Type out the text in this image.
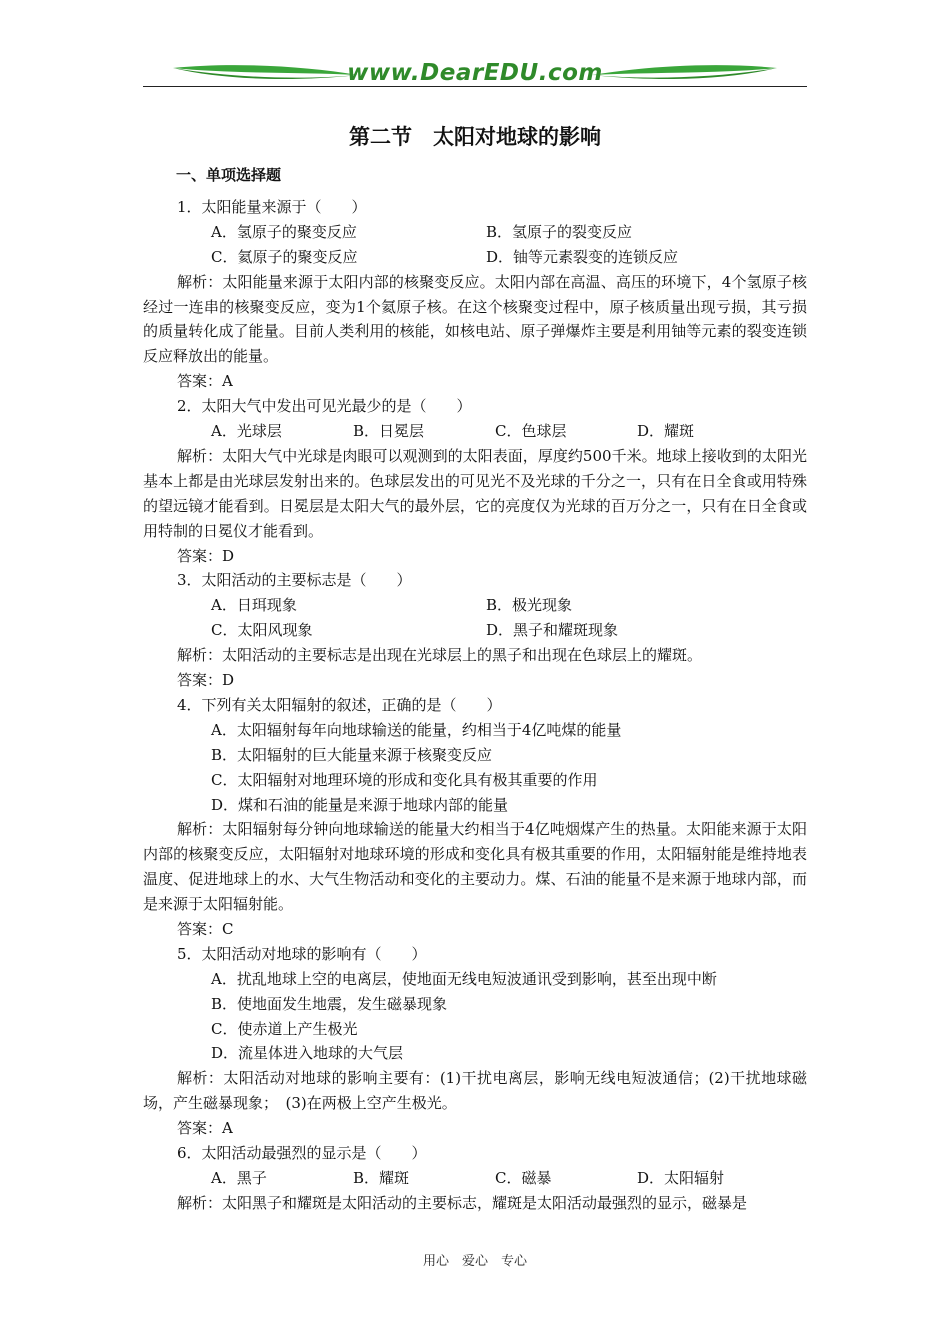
www.DearEDU.com
第二节　太阳对地球的影响
一、单项选择题
1．太阳能量来源于（　　）
A．氢原子的聚变反应	B．氢原子的裂变反应
C．氦原子的聚变反应	D．铀等元素裂变的连锁反应
解析：太阳能量来源于太阳内部的核聚变反应。太阳内部在高温、高压的环境下，4个氢原子核经过一连串的核聚变反应，变为1个氦原子核。在这个核聚变过程中，原子核质量出现亏损，其亏损的质量转化成了能量。目前人类利用的核能，如核电站、原子弹爆炸主要是利用铀等元素的裂变连锁反应释放出的能量。
答案：A
2．太阳大气中发出可见光最少的是（　　）
A．光球层	B．日冕层	C．色球层	D．耀斑
解析：太阳大气中光球是肉眼可以观测到的太阳表面，厚度约500千米。地球上接收到的太阳光基本上都是由光球层发射出来的。色球层发出的可见光不及光球的千分之一，只有在日全食或用特殊的望远镜才能看到。日冕层是太阳大气的最外层，它的亮度仅为光球的百万分之一，只有在日全食或用特制的日冕仪才能看到。
答案：D
3．太阳活动的主要标志是（　　）
A．日珥现象	B．极光现象
C．太阳风现象	D．黑子和耀斑现象
解析：太阳活动的主要标志是出现在光球层上的黑子和出现在色球层上的耀斑。
答案：D
4．下列有关太阳辐射的叙述，正确的是（　　）
A．太阳辐射每年向地球输送的能量，约相当于4亿吨煤的能量
B．太阳辐射的巨大能量来源于核聚变反应
C．太阳辐射对地理环境的形成和变化具有极其重要的作用
D．煤和石油的能量是来源于地球内部的能量
解析：太阳辐射每分钟向地球输送的能量大约相当于4亿吨烟煤产生的热量。太阳能来源于太阳内部的核聚变反应，太阳辐射对地球环境的形成和变化具有极其重要的作用，太阳辐射能是维持地表温度、促进地球上的水、大气生物活动和变化的主要动力。煤、石油的能量不是来源于地球内部，而是来源于太阳辐射能。
答案：C
5．太阳活动对地球的影响有（　　）
A．扰乱地球上空的电离层，使地面无线电短波通讯受到影响，甚至出现中断
B．使地面发生地震，发生磁暴现象
C．使赤道上产生极光
D．流星体进入地球的大气层
解析：太阳活动对地球的影响主要有：(1)干扰电离层，影响无线电短波通信；(2)干扰地球磁场，产生磁暴现象；　(3)在两极上空产生极光。
答案：A
6．太阳活动最强烈的显示是（　　）
A．黑子	B．耀斑	C．磁暴	D．太阳辐射
解析：太阳黑子和耀斑是太阳活动的主要标志，耀斑是太阳活动最强烈的显示，磁暴是
用心　爱心　专心
